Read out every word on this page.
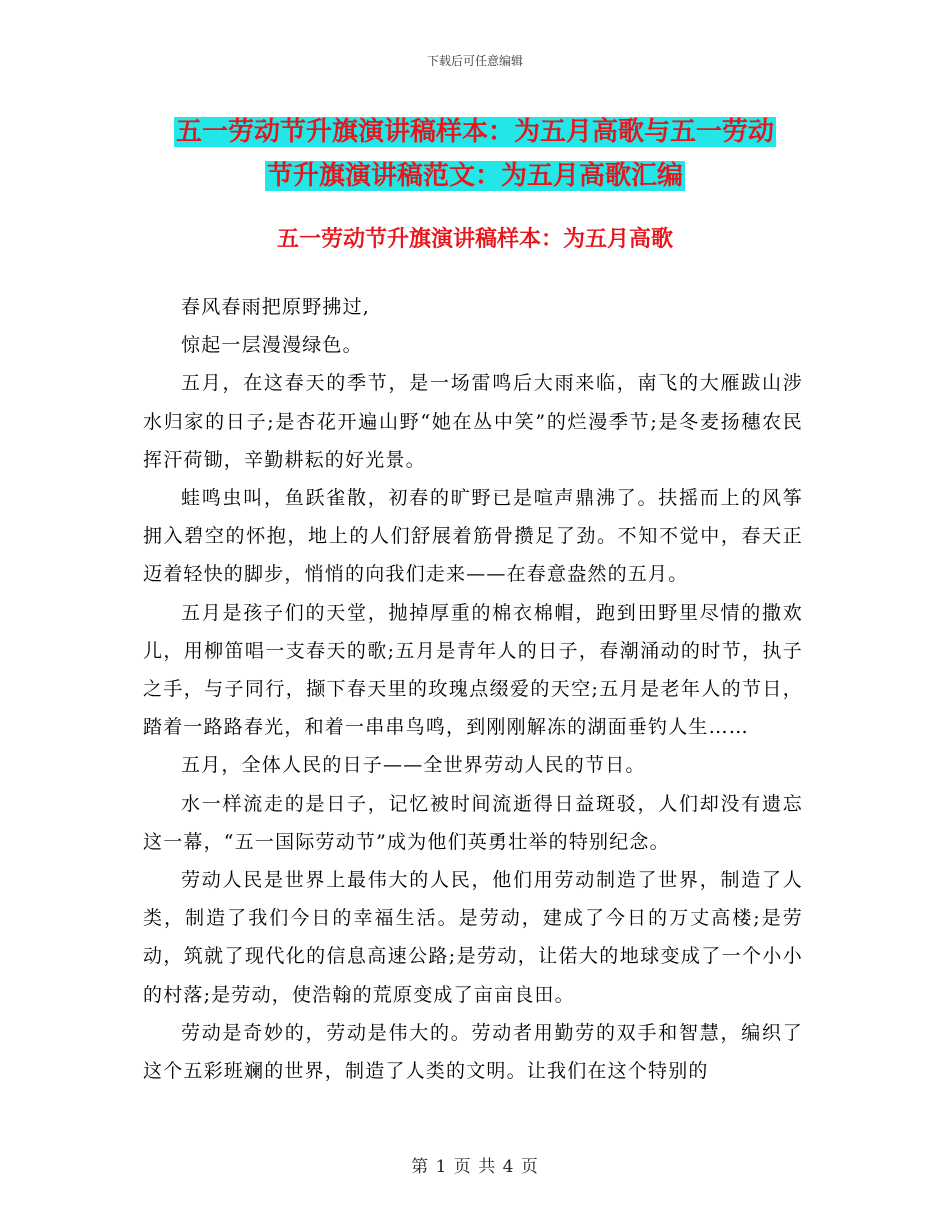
下载后可任意编辑
五一劳动节升旗演讲稿样本：为五月高歌与五一劳动
节升旗演讲稿范文：为五月高歌汇编
五一劳动节升旗演讲稿样本：为五月高歌

春风春雨把原野拂过,

惊起一层漫漫绿色。

五月，在这春天的季节，是一场雷鸣后大雨来临，南飞的大雁跋山涉水归家的日子;是杏花开遍山野“她在丛中笑”的烂漫季节;是冬麦扬穗农民挥汗荷锄，辛勤耕耘的好光景。

蛙鸣虫叫，鱼跃雀散，初春的旷野已是喧声鼎沸了。扶摇而上的风筝拥入碧空的怀抱，地上的人们舒展着筋骨攒足了劲。不知不觉中，春天正迈着轻快的脚步，悄悄的向我们走来——在春意盎然的五月。

五月是孩子们的天堂，抛掉厚重的棉衣棉帽，跑到田野里尽情的撒欢儿，用柳笛唱一支春天的歌;五月是青年人的日子，春潮涌动的时节，执子之手，与子同行，撷下春天里的玫瑰点缀爱的天空;五月是老年人的节日，踏着一路路春光，和着一串串鸟鸣，到刚刚解冻的湖面垂钓人生……

五月，全体人民的日子——全世界劳动人民的节日。

水一样流走的是日子，记忆被时间流逝得日益斑驳，人们却没有遗忘这一幕，“五一国际劳动节”成为他们英勇壮举的特别纪念。

劳动人民是世界上最伟大的人民，他们用劳动制造了世界，制造了人类，制造了我们今日的幸福生活。是劳动，建成了今日的万丈高楼;是劳动，筑就了现代化的信息高速公路;是劳动，让偌大的地球变成了一个小小的村落;是劳动，使浩翰的荒原变成了亩亩良田。

劳动是奇妙的，劳动是伟大的。劳动者用勤劳的双手和智慧，编织了这个五彩班斓的世界，制造了人类的文明。让我们在这个特别的

第 1 页 共 4 页
